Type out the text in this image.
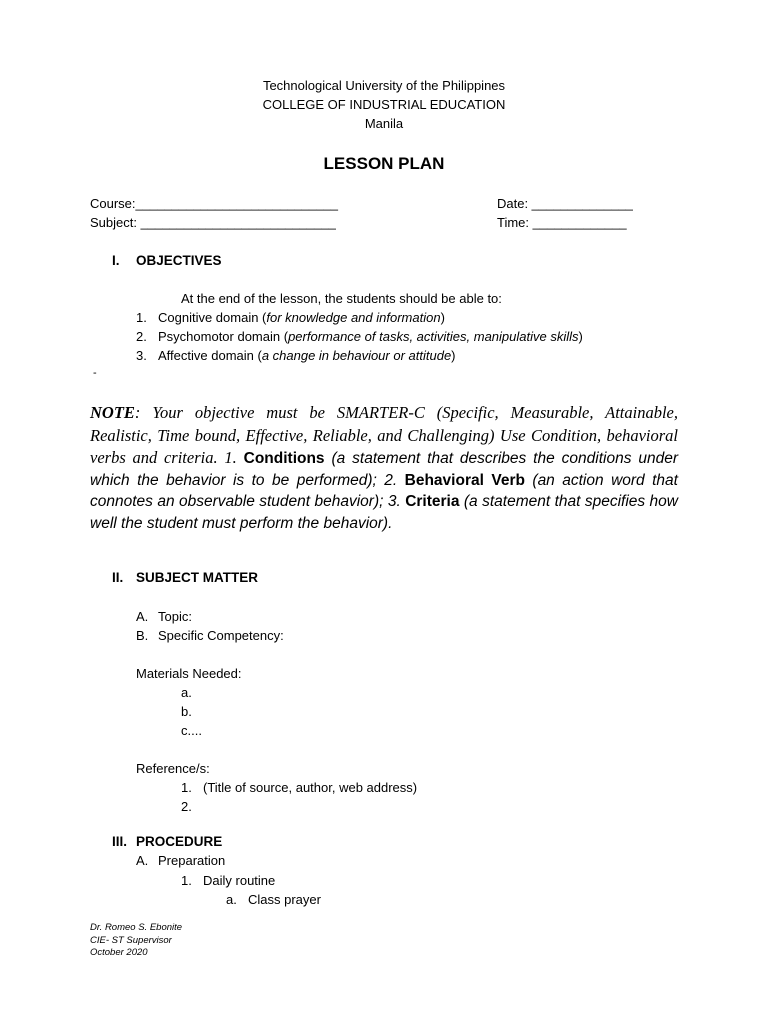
Technological University of the Philippines
COLLEGE OF INDUSTRIAL EDUCATION
Manila
LESSON PLAN
Course:____________________________
Subject: ___________________________
Date: ______________
Time: _____________
I. OBJECTIVES
At the end of the lesson, the students should be able to:
1. Cognitive domain (for knowledge and information)
2. Psychomotor domain (performance of tasks, activities, manipulative skills)
3. Affective domain (a change in behaviour or attitude)
-
NOTE: Your objective must be SMARTER-C (Specific, Measurable, Attainable, Realistic, Time bound, Effective, Reliable, and Challenging) Use Condition, behavioral verbs and criteria. 1. Conditions (a statement that describes the conditions under which the behavior is to be performed); 2. Behavioral Verb (an action word that connotes an observable student behavior); 3. Criteria (a statement that specifies how well the student must perform the behavior).
II. SUBJECT MATTER
A. Topic:
B. Specific Competency:
Materials Needed:
a.
b.
c....
Reference/s:
1. (Title of source, author, web address)
2.
III. PROCEDURE
A. Preparation
1. Daily routine
a. Class prayer
Dr. Romeo S. Ebonite
CIE- ST Supervisor
October 2020
